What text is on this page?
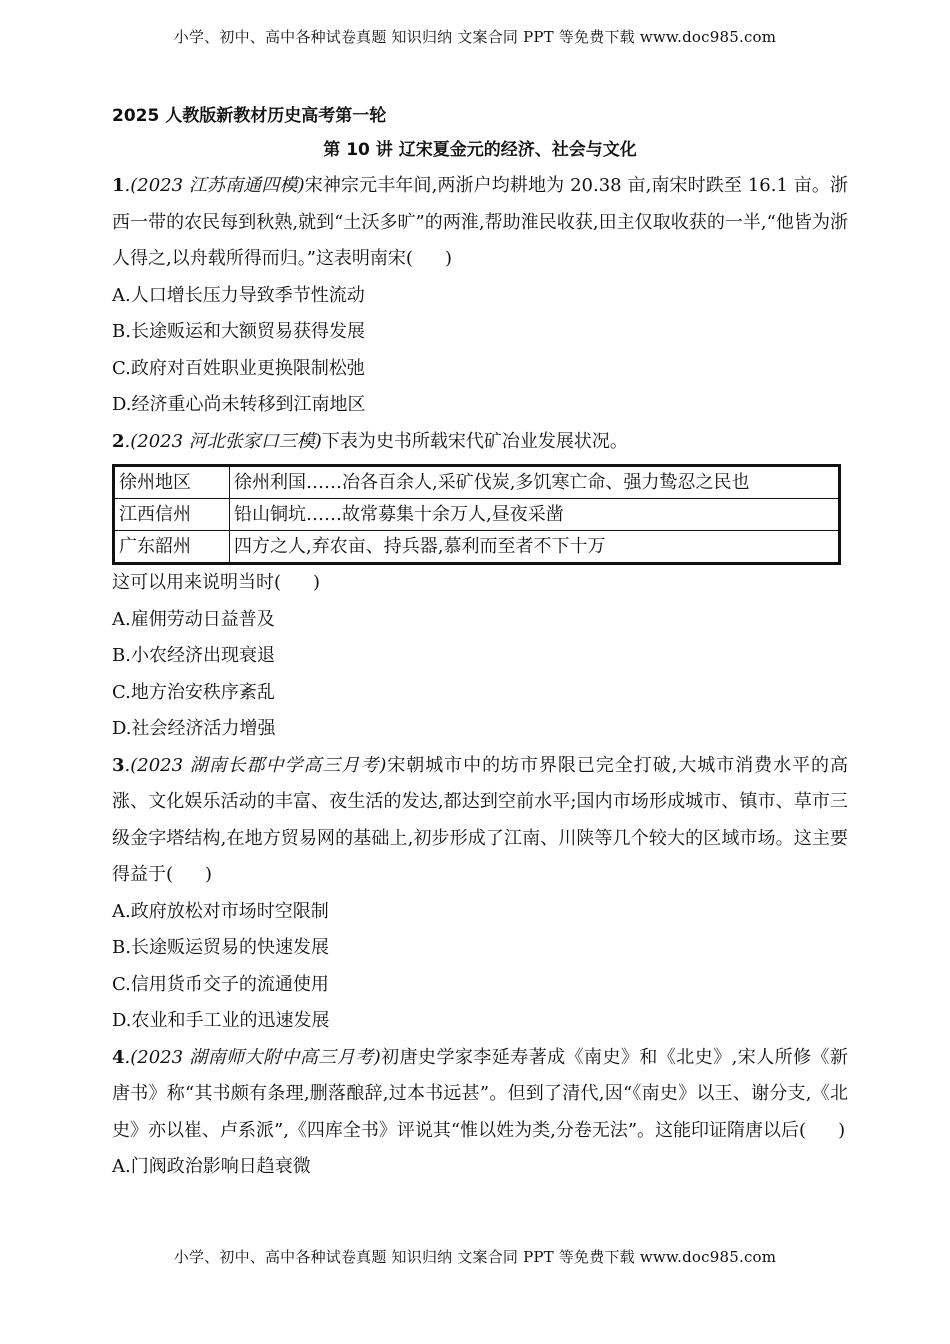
小学、初中、高中各种试卷真题 知识归纳 文案合同 PPT 等免费下载 www.doc985.com

2025 人教版新教材历史高考第一轮

第 10 讲 辽宋夏金元的经济、社会与文化

1.(2023 江苏南通四模)宋神宗元丰年间,两浙户均耕地为 20.38 亩,南宋时跌至 16.1 亩。浙西一带的农民每到秋熟,就到“土沃多旷”的两淮,帮助淮民收获,田主仅取收获的一半,“他皆为浙人得之,以舟载所得而归。”这表明南宋( )

A.人口增长压力导致季节性流动

B.长途贩运和大额贸易获得发展

C.政府对百姓职业更换限制松弛

D.经济重心尚未转移到江南地区

2.(2023 河北张家口三模)下表为史书所载宋代矿冶业发展状况。

徐州地区	徐州利国……冶各百余人,采矿伐炭,多饥寒亡命、强力鸷忍之民也
江西信州	铅山铜坑……故常募集十余万人,昼夜采凿
广东韶州	四方之人,弃农亩、持兵器,慕利而至者不下十万

这可以用来说明当时( )

A.雇佣劳动日益普及

B.小农经济出现衰退

C.地方治安秩序紊乱

D.社会经济活力增强

3.(2023 湖南长郡中学高三月考)宋朝城市中的坊市界限已完全打破,大城市消费水平的高涨、文化娱乐活动的丰富、夜生活的发达,都达到空前水平;国内市场形成城市、镇市、草市三级金字塔结构,在地方贸易网的基础上,初步形成了江南、川陕等几个较大的区域市场。这主要得益于( )

A.政府放松对市场时空限制

B.长途贩运贸易的快速发展

C.信用货币交子的流通使用

D.农业和手工业的迅速发展

4.(2023 湖南师大附中高三月考)初唐史学家李延寿著成《南史》和《北史》,宋人所修《新唐书》称“其书颇有条理,删落酿辞,过本书远甚”。但到了清代,因“《南史》以王、谢分支,《北史》亦以崔、卢系派”,《四库全书》评说其“惟以姓为类,分卷无法”。这能印证隋唐以后( )

A.门阀政治影响日趋衰微

小学、初中、高中各种试卷真题 知识归纳 文案合同 PPT 等免费下载 www.doc985.com
